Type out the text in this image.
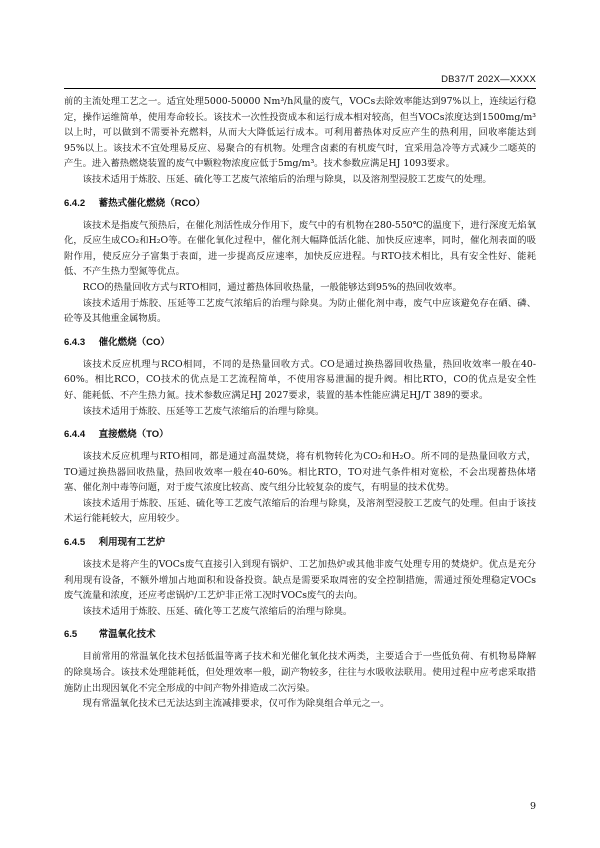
DB37/T 202X—XXXX

前的主流处理工艺之一。适宜处理5000-50000 Nm³/h风量的废气，VOCs去除效率能达到97%以上，连续运行稳定，操作运维简单，使用寿命较长。该技术一次性投资成本和运行成本相对较高，但当VOCs浓度达到1500mg/m³以上时，可以做到不需要补充燃料，从而大大降低运行成本。可利用蓄热体对反应产生的热利用，回收率能达到95%以上。该技术不宜处理易反应、易聚合的有机物。处理含卤素的有机废气时，宜采用急冷等方式减少二噁英的产生。进入蓄热燃烧装置的废气中颗粒物浓度应低于5mg/m³。技术参数应满足HJ 1093要求。

该技术适用于炼胶、压延、硫化等工艺废气浓缩后的治理与除臭，以及溶剂型浸胶工艺废气的处理。

6.4.2 蓄热式催化燃烧（RCO）

该技术是指废气预热后，在催化剂活性成分作用下，废气中的有机物在280-550℃的温度下，进行深度无焰氧化，反应生成CO₂和H₂O等。在催化氧化过程中，催化剂大幅降低活化能、加快反应速率，同时，催化剂表面的吸附作用，使反应分子富集于表面，进一步提高反应速率，加快反应进程。与RTO技术相比，具有安全性好、能耗低、不产生热力型氮等优点。

RCO的热量回收方式与RTO相同，通过蓄热体回收热量，一般能够达到95%的热回收效率。

该技术适用于炼胶、压延等工艺废气浓缩后的治理与除臭。为防止催化剂中毒，废气中应该避免存在硒、磷、砼等及其他重金属物质。

6.4.3 催化燃烧（CO）

该技术反应机理与RCO相同，不同的是热量回收方式。CO是通过换热器回收热量，热回收效率一般在40-60%。相比RCO，CO技术的优点是工艺流程简单，不使用容易泄漏的提升阀。相比RTO，CO的优点是安全性好、能耗低、不产生热力氮。技术参数应满足HJ 2027要求，装置的基本性能应满足HJ/T 389的要求。

该技术适用于炼胶、压延等工艺废气浓缩后的治理与除臭。

6.4.4 直接燃烧（TO）

该技术反应机理与RTO相同，都是通过高温焚烧，将有机物转化为CO₂和H₂O。所不同的是热量回收方式，TO通过换热器回收热量，热回收效率一般在40-60%。相比RTO，TO对进气条件相对宽松，不会出现蓄热体堵塞、催化剂中毒等问题，对于废气浓度比较高、废气组分比较复杂的废气，有明显的技术优势。

该技术适用于炼胶、压延、硫化等工艺废气浓缩后的治理与除臭，及溶剂型浸胶工艺废气的处理。但由于该技术运行能耗较大，应用较少。

6.4.5 利用现有工艺炉

该技术是将产生的VOCs废气直接引入到现有锅炉、工艺加热炉或其他非废气处理专用的焚烧炉。优点是充分利用现有设备，不额外增加占地面积和设备投资。缺点是需要采取周密的安全控制措施，需通过预处理稳定VOCs废气流量和浓度，还应考虑锅炉/工艺炉非正常工况时VOCs废气的去向。

该技术适用于炼胶、压延、硫化等工艺废气浓缩后的治理与除臭。

6.5 常温氧化技术

目前常用的常温氧化技术包括低温等离子技术和光催化氧化技术两类，主要适合于一些低负荷、有机物易降解的除臭场合。该技术处理能耗低，但处理效率一般，副产物较多，往往与水吸收法联用。使用过程中应考虑采取措施防止出现因氧化不完全形成的中间产物外排造成二次污染。

现有常温氧化技术已无法达到主流减排要求，仅可作为除臭组合单元之一。

9
